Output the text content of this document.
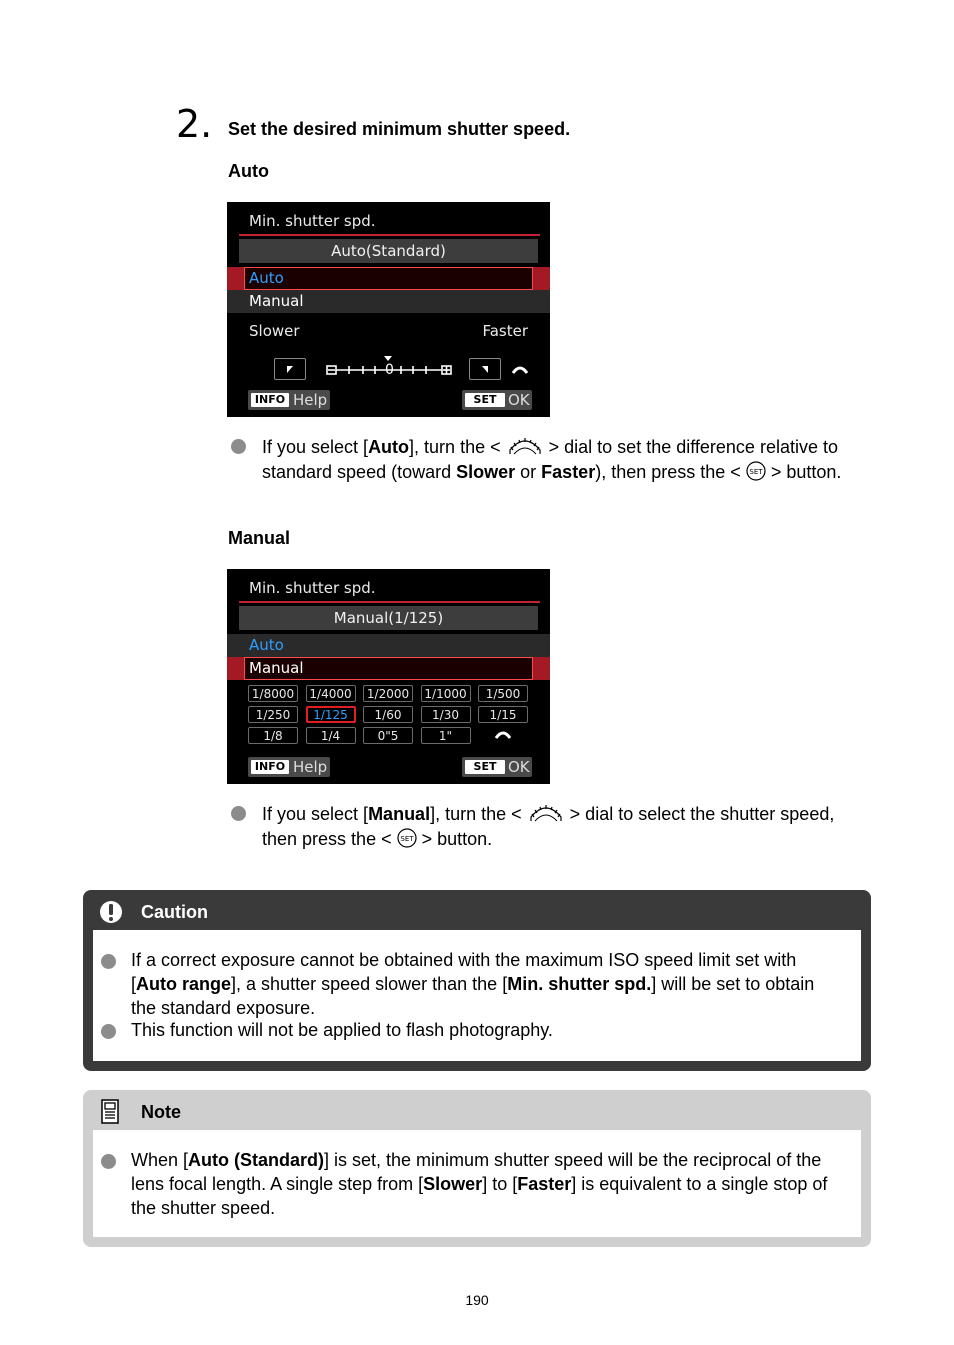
2. Set the desired minimum shutter speed.
Auto
Min. shutter spd.
Auto(Standard)
Auto
Manual
Slower	Faster
0
INFO Help	SET OK
If you select [Auto], turn the <	> dial to set the difference relative to standard speed (toward Slower or Faster), then press the < SET > button.
Manual
Min. shutter spd.
Manual(1/125)
Auto
Manual
1/8000	1/4000	1/2000	1/1000	1/500
1/250	1/125	1/60	1/30	1/15
1/8	1/4	0"5	1"
INFO Help	SET OK
If you select [Manual], turn the <	> dial to select the shutter speed, then press the < SET > button.
Caution
If a correct exposure cannot be obtained with the maximum ISO speed limit set with [Auto range], a shutter speed slower than the [Min. shutter spd.] will be set to obtain the standard exposure.
This function will not be applied to flash photography.
Note
When [Auto (Standard)] is set, the minimum shutter speed will be the reciprocal of the lens focal length. A single step from [Slower] to [Faster] is equivalent to a single stop of the shutter speed.
190
